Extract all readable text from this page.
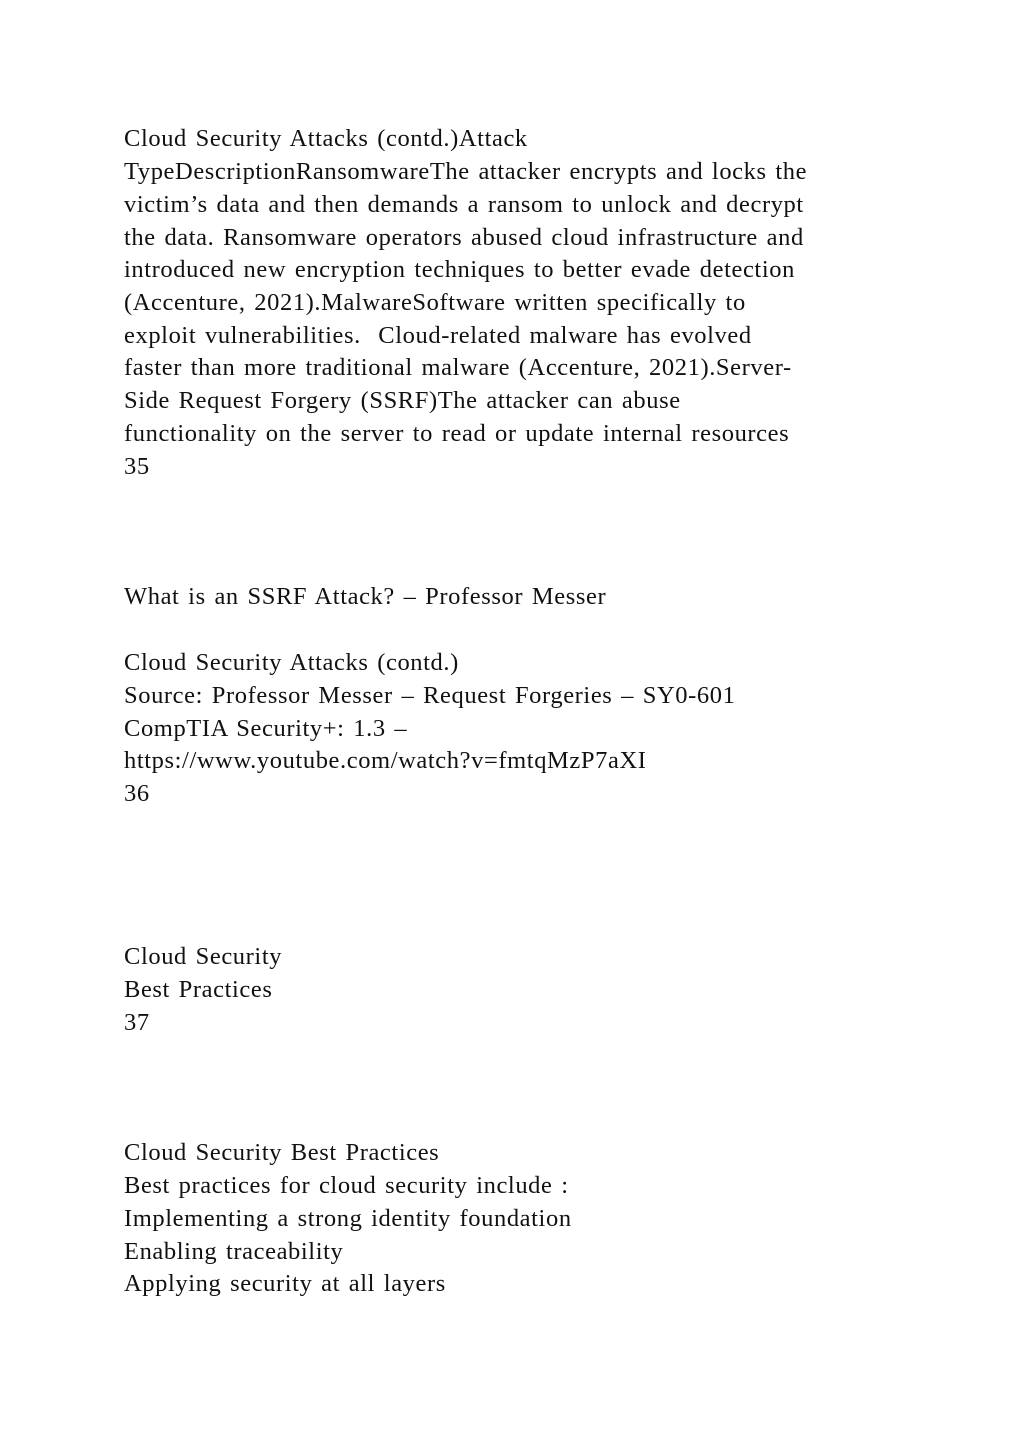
Cloud Security Attacks (contd.)Attack
TypeDescriptionRansomwareThe attacker encrypts and locks the
victim’s data and then demands a ransom to unlock and decrypt
the data. Ransomware operators abused cloud infrastructure and
introduced new encryption techniques to better evade detection
(Accenture, 2021).MalwareSoftware written specifically to
exploit vulnerabilities.  Cloud-related malware has evolved
faster than more traditional malware (Accenture, 2021).Server-
Side Request Forgery (SSRF)The attacker can abuse
functionality on the server to read or update internal resources
35
What is an SSRF Attack? – Professor Messer
Cloud Security Attacks (contd.)
Source: Professor Messer – Request Forgeries – SY0-601
CompTIA Security+: 1.3 –
https://www.youtube.com/watch?v=fmtqMzP7aXI
36
Cloud Security
Best Practices
37
Cloud Security Best Practices
Best practices for cloud security include :
Implementing a strong identity foundation
Enabling traceability
Applying security at all layers
